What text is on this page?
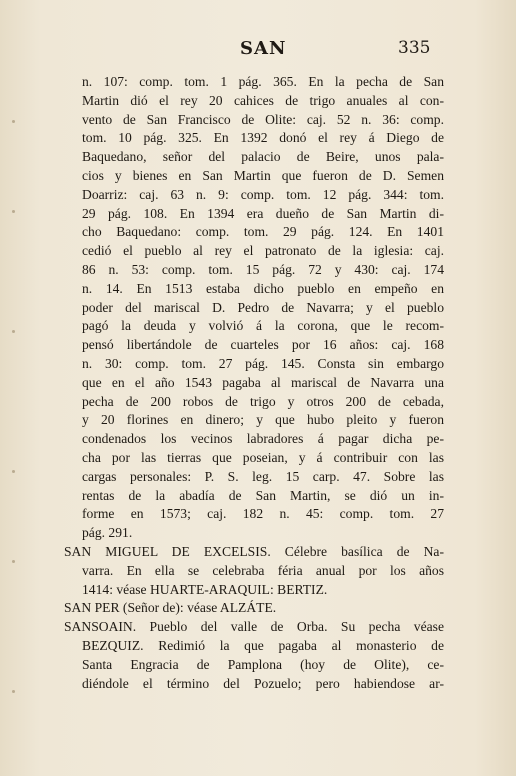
SAN	335
n. 107: comp. tom. 1 pág. 365. En la pecha de San
Martin dió el rey 20 cahices de trigo anuales al con-
vento de San Francisco de Olite: caj. 52 n. 36: comp.
tom. 10 pág. 325. En 1392 donó el rey á Diego de
Baquedano, señor del palacio de Beire, unos pala-
cios y bienes en San Martin que fueron de D. Semen
Doarriz: caj. 63 n. 9: comp. tom. 12 pág. 344: tom.
29 pág. 108. En 1394 era dueño de San Martin di-
cho Baquedano: comp. tom. 29 pág. 124. En 1401
cedió el pueblo al rey el patronato de la iglesia: caj.
86 n. 53: comp. tom. 15 pág. 72 y 430: caj. 174
n. 14. En 1513 estaba dicho pueblo en empeño en
poder del mariscal D. Pedro de Navarra; y el pueblo
pagó la deuda y volvió á la corona, que le recom-
pensó libertándole de cuarteles por 16 años: caj. 168
n. 30: comp. tom. 27 pág. 145. Consta sin embargo
que en el año 1543 pagaba al mariscal de Navarra una
pecha de 200 robos de trigo y otros 200 de cebada,
y 20 florines en dinero; y que hubo pleito y fueron
condenados los vecinos labradores á pagar dicha pe-
cha por las tierras que poseian, y á contribuir con las
cargas personales: P. S. leg. 15 carp. 47. Sobre las
rentas de la abadía de San Martin, se dió un in-
forme en 1573; caj. 182 n. 45: comp. tom. 27
pág. 291.
SAN MIGUEL DE EXCELSIS. Célebre basílica de Na-
varra. En ella se celebraba féria anual por los años
1414: véase HUARTE-ARAQUIL: BERTIZ.
SAN PER (Señor de): véase ALZÁTE.
SANSOAIN. Pueblo del valle de Orba. Su pecha véase
BEZQUIZ. Redimió la que pagaba al monasterio de
Santa Engracia de Pamplona (hoy de Olite), ce-
diéndole el término del Pozuelo; pero habiendose ar-
